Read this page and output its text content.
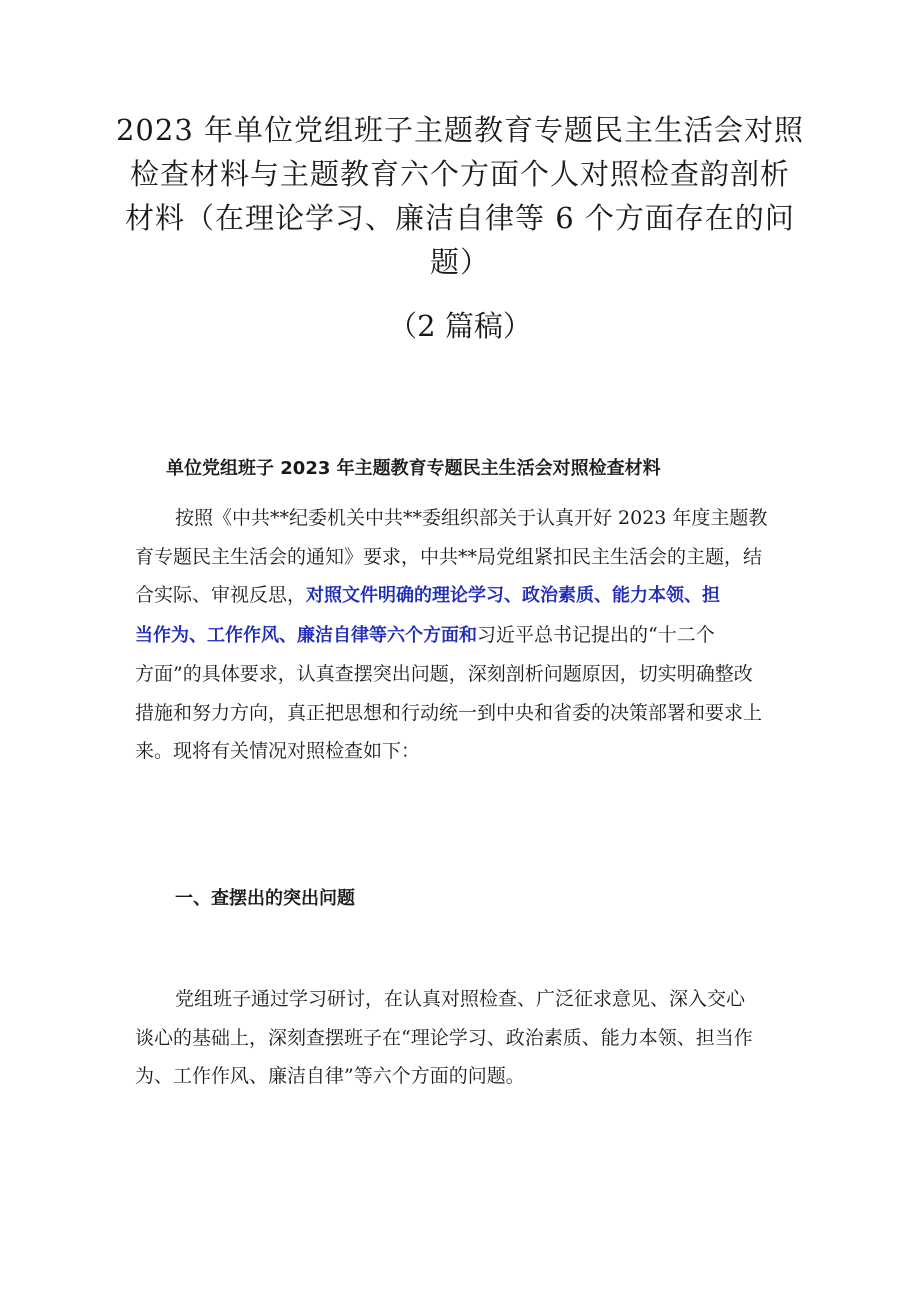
2023 年单位党组班子主题教育专题民主生活会对照
检查材料与主题教育六个方面个人对照检查韵剖析
材料（在理论学习、廉洁自律等 6 个方面存在的问
题）
（2 篇稿）
单位党组班子 2023 年主题教育专题民主生活会对照检查材料
按照《中共**纪委机关中共**委组织部关于认真开好 2023 年度主题教
育专题民主生活会的通知》要求，中共**局党组紧扣民主生活会的主题，结
合实际、审视反思，对照文件明确的理论学习、政治素质、能力本领、担
当作为、工作作风、廉洁自律等六个方面和习近平总书记提出的“十二个
方面”的具体要求，认真查摆突出问题，深刻剖析问题原因，切实明确整改
措施和努力方向，真正把思想和行动统一到中央和省委的决策部署和要求上
来。现将有关情况对照检查如下：
一、查摆出的突出问题
党组班子通过学习研讨，在认真对照检查、广泛征求意见、深入交心
谈心的基础上，深刻查摆班子在“理论学习、政治素质、能力本领、担当作
为、工作作风、廉洁自律”等六个方面的问题。
